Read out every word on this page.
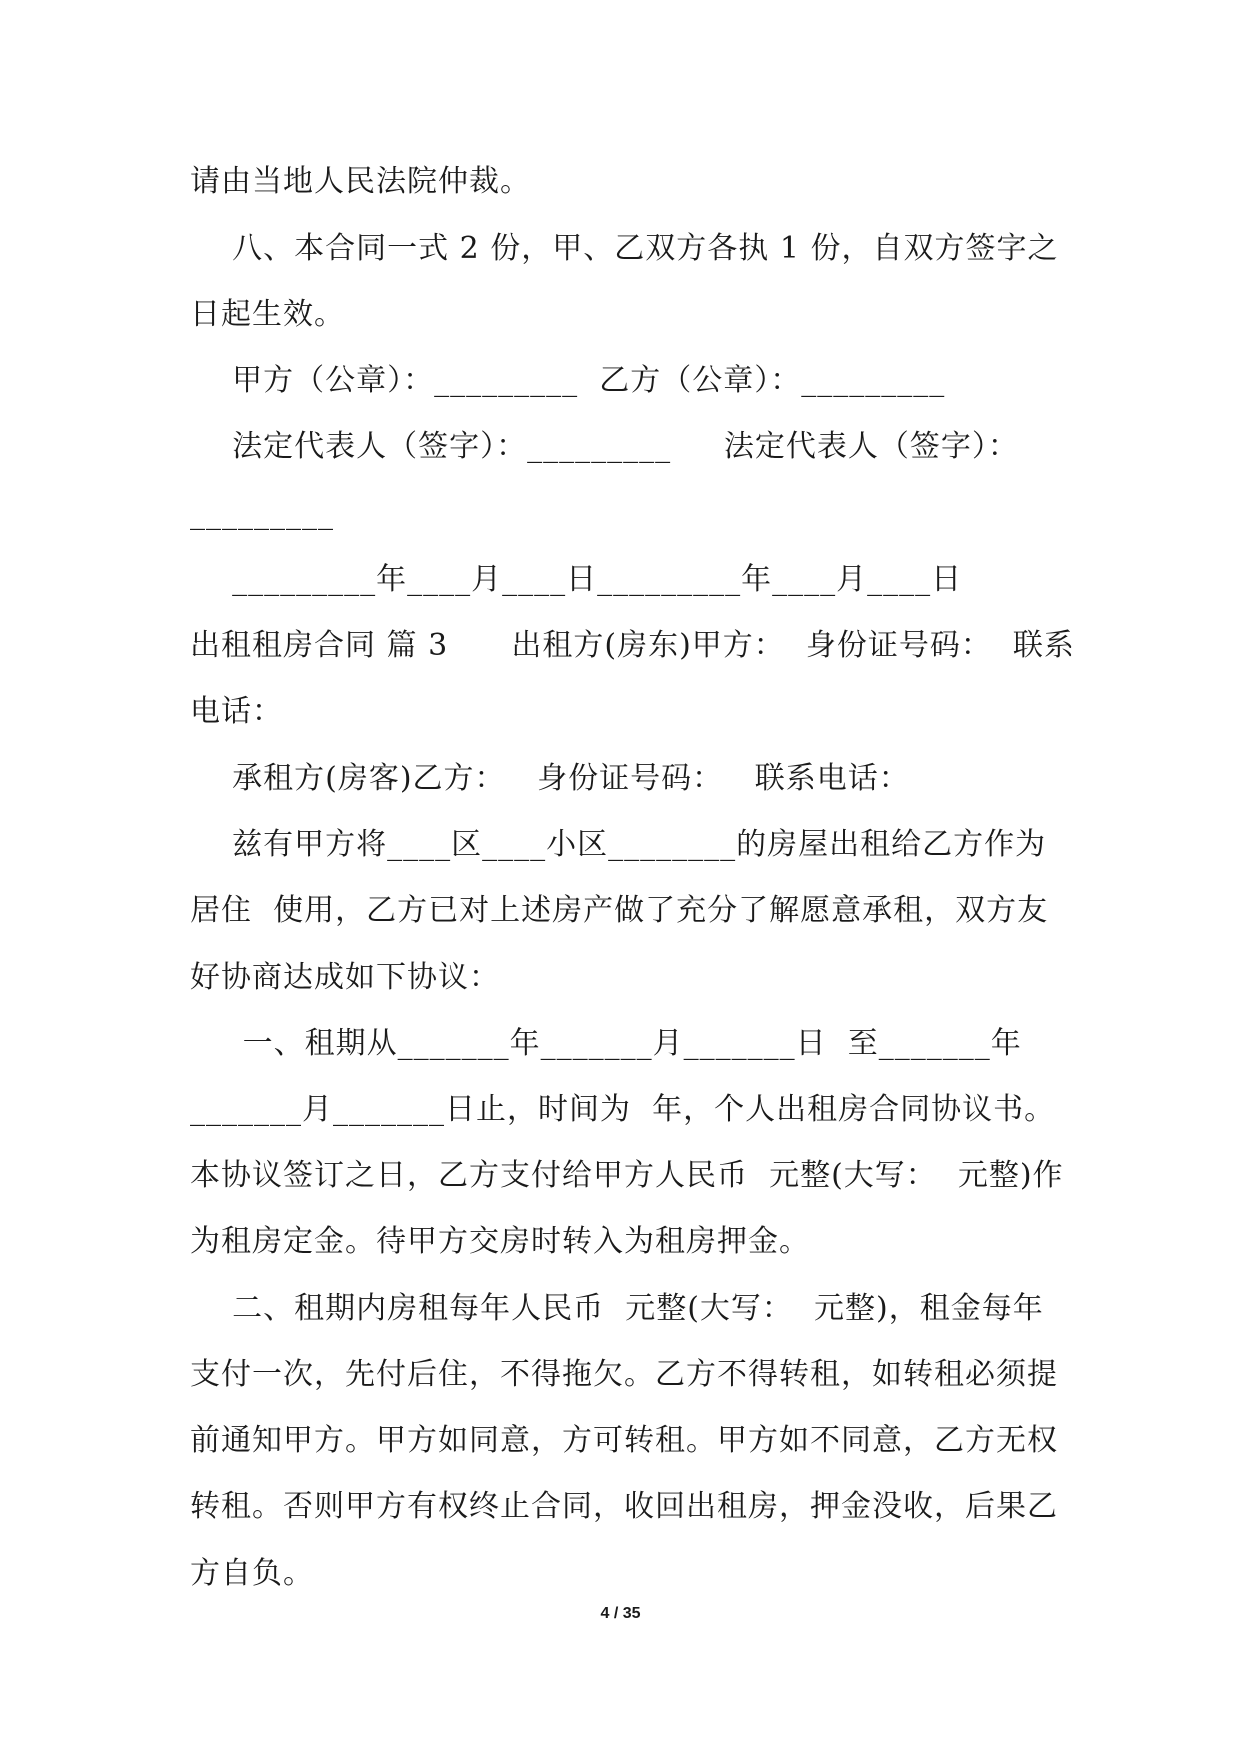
请由当地人民法院仲裁。
八、本合同一式 2 份，甲、乙双方各执 1 份，自双方签字之
日起生效。
甲方（公章）：_________  乙方（公章）：_________
法定代表人（签字）：_________     法定代表人（签字）：
_________
_________年____月____日_________年____月____日
出租租房合同 篇 3      出租方(房东)甲方：  身份证号码：  联系
电话：
承租方(房客)乙方：   身份证号码：   联系电话：
兹有甲方将____区____小区________的房屋出租给乙方作为
居住  使用，乙方已对上述房产做了充分了解愿意承租，双方友
好协商达成如下协议：
一、租期从_______年_______月_______日  至_______年
_______月_______日止，时间为  年，个人出租房合同协议书。
本协议签订之日，乙方支付给甲方人民币  元整(大写：  元整)作
为租房定金。待甲方交房时转入为租房押金。
二、租期内房租每年人民币  元整(大写：  元整)，租金每年
支付一次，先付后住，不得拖欠。乙方不得转租，如转租必须提
前通知甲方。甲方如同意，方可转租。甲方如不同意，乙方无权
转租。否则甲方有权终止合同，收回出租房，押金没收，后果乙
方自负。
4 / 35
